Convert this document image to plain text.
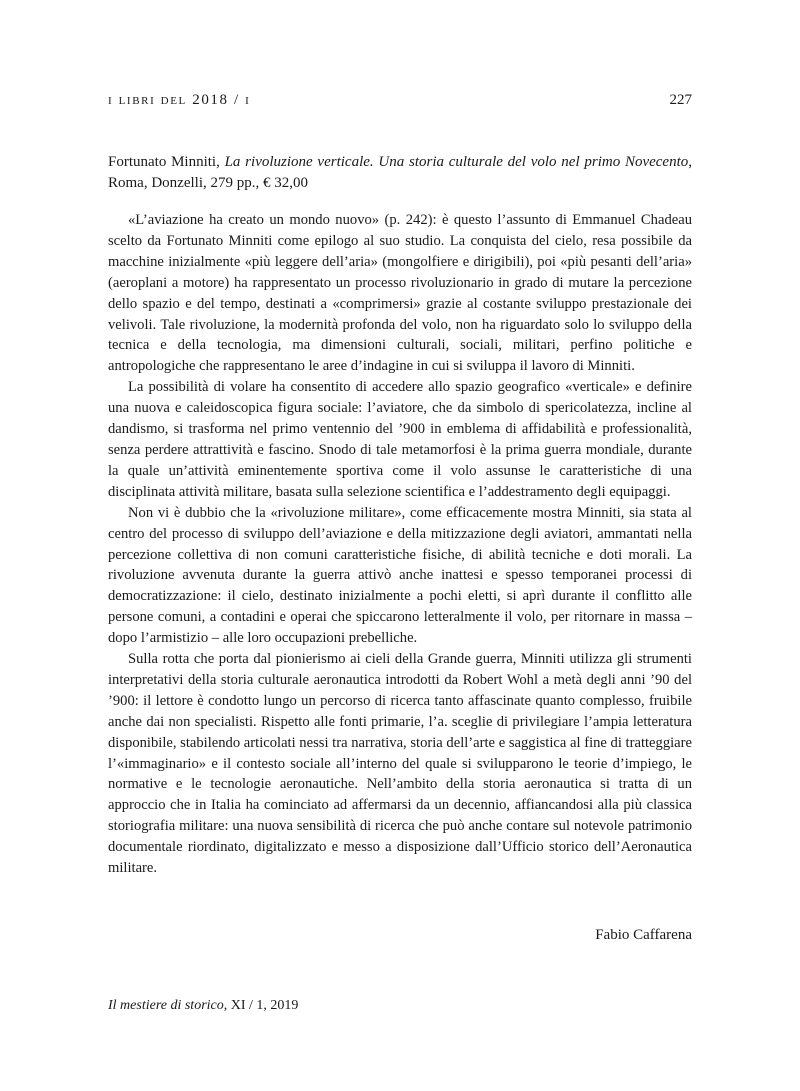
i libri del 2018 / i	227
Fortunato Minniti, La rivoluzione verticale. Una storia culturale del volo nel primo Novecento, Roma, Donzelli, 279 pp., € 32,00

«L’aviazione ha creato un mondo nuovo» (p. 242): è questo l’assunto di Emmanuel Chadeau scelto da Fortunato Minniti come epilogo al suo studio. La conquista del cielo, resa possibile da macchine inizialmente «più leggere dell’aria» (mongolfiere e dirigibili), poi «più pesanti dell’aria» (aeroplani a motore) ha rappresentato un processo rivoluzionario in grado di mutare la percezione dello spazio e del tempo, destinati a «comprimersi» grazie al costante sviluppo prestazionale dei velivoli. Tale rivoluzione, la modernità profonda del volo, non ha riguardato solo lo sviluppo della tecnica e della tecnologia, ma dimensioni culturali, sociali, militari, perfino politiche e antropologiche che rappresentano le aree d’indagine in cui si sviluppa il lavoro di Minniti.

La possibilità di volare ha consentito di accedere allo spazio geografico «verticale» e definire una nuova e caleidoscopica figura sociale: l’aviatore, che da simbolo di spericolatezza, incline al dandismo, si trasforma nel primo ventennio del ’900 in emblema di affidabilità e professionalità, senza perdere attrattività e fascino. Snodo di tale metamorfosi è la prima guerra mondiale, durante la quale un’attività eminentemente sportiva come il volo assunse le caratteristiche di una disciplinata attività militare, basata sulla selezione scientifica e l’addestramento degli equipaggi.

Non vi è dubbio che la «rivoluzione militare», come efficacemente mostra Minniti, sia stata al centro del processo di sviluppo dell’aviazione e della mitizzazione degli aviatori, ammantati nella percezione collettiva di non comuni caratteristiche fisiche, di abilità tecniche e doti morali. La rivoluzione avvenuta durante la guerra attivò anche inattesi e spesso temporanei processi di democratizzazione: il cielo, destinato inizialmente a pochi eletti, si aprì durante il conflitto alle persone comuni, a contadini e operai che spiccarono letteralmente il volo, per ritornare in massa – dopo l’armistizio – alle loro occupazioni prebelliche.

Sulla rotta che porta dal pionierismo ai cieli della Grande guerra, Minniti utilizza gli strumenti interpretativi della storia culturale aeronautica introdotti da Robert Wohl a metà degli anni ’90 del ’900: il lettore è condotto lungo un percorso di ricerca tanto affascinate quanto complesso, fruibile anche dai non specialisti. Rispetto alle fonti primarie, l’a. sceglie di privilegiare l’ampia letteratura disponibile, stabilendo articolati nessi tra narrativa, storia dell’arte e saggistica al fine di tratteggiare l’«immaginario» e il contesto sociale all’interno del quale si svilupparono le teorie d’impiego, le normative e le tecnologie aeronautiche. Nell’ambito della storia aeronautica si tratta di un approccio che in Italia ha cominciato ad affermarsi da un decennio, affiancandosi alla più classica storiografia militare: una nuova sensibilità di ricerca che può anche contare sul notevole patrimonio documentale riordinato, digitalizzato e messo a disposizione dall’Ufficio storico dell’Aeronautica militare.

Fabio Caffarena
Il mestiere di storico, XI / 1, 2019
